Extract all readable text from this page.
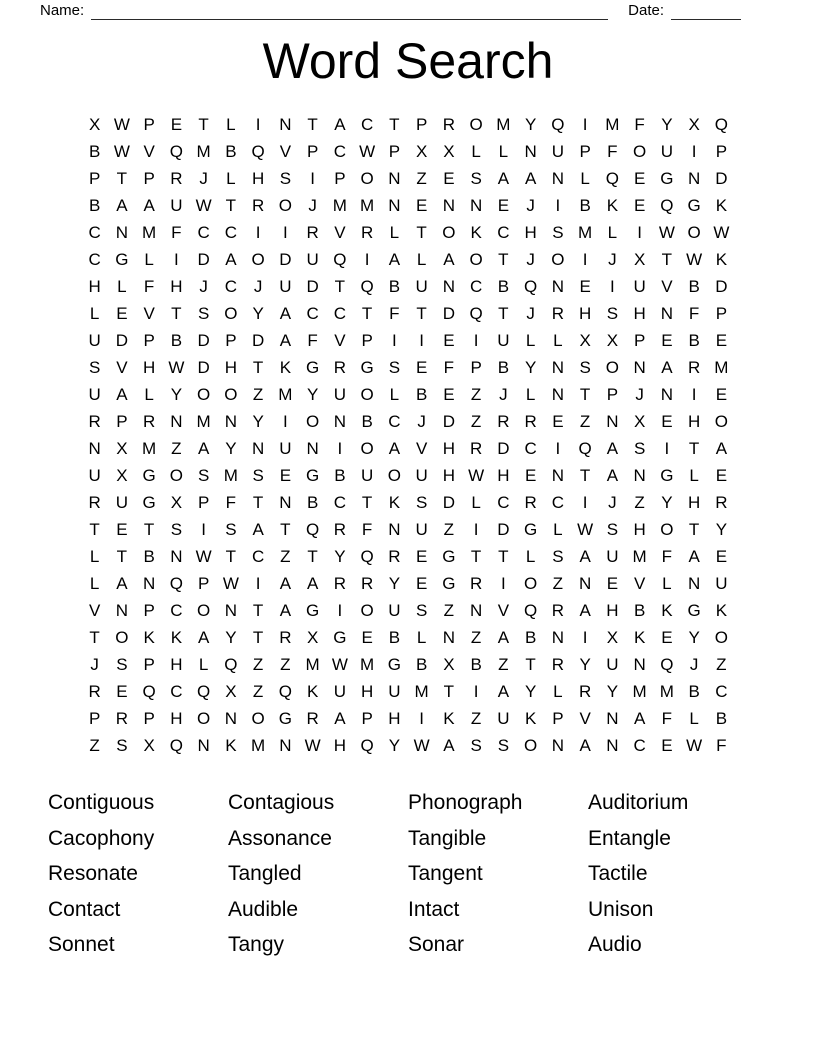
Name:	Date:
Word Search
X W P E T	L	I	N T A C T P R O M Y Q	I	M F Y X Q
B W V Q M B Q V P C W P X X L	L N U P F O U	I	P
P T P R J	L H S	I	P O N Z E S A A N L Q E G N D
B A A U W T R O J M M N E N N E	J	I	B K E Q G K
C N M F C C	I	I	R V R L	T O K C H S M L	I W O W
C G L	I	D A O D U Q	I	A L A O T	J O	I	J	X T W K
H L	F H J C J U D T Q B U N C B Q N E	I	U V B D
L E V T S O Y A C C T F T D Q T	J R H S H N F P
U D P B D P D A F V P	I	I	E	I	U L	L X X P E B E
S V H W D H T K G R G S E F P B Y N S O N A R M
U A L Y O O Z M Y U O L B E Z	J	L N T P	J N	I	E
R P R N M N Y	I	O N B C J D Z R R E Z N X E H O
N X M Z A Y N U N	I	O A V H R D C	I	Q A S	I	T A
U X G O S M S E G B U O U H W H E N T A N G L E
R U G X P F T N B C T K S D L C R C	I	J	Z Y H R
T E T S	I	S A T Q R F N U Z	I	D G L W S H O T Y
L	T B N W T C Z T Y Q R E G T T	L S A U M F A E
L A N Q P W I	A A R R Y E G R	I	O Z N E V L N U
V N P C O N T A G	I	O U S Z N V Q R A H B K G K
T O K K A Y T R X G E B L N Z A B N	I	X K E Y O
J	S P H L Q Z Z M W M G B X B Z T R Y U N Q J	Z
R E Q C Q X Z Q K U H U M T	I	A Y L R Y M M B C
P R P H O N O G R A P H	I	K Z U K P V N A F	L B
Z S X Q N K M N W H Q Y W A S S O N A N C E W F
Contiguous
Cacophony
Resonate
Contact
Sonnet
Contagious
Assonance
Tangled
Audible
Tangy
Phonograph
Tangible
Tangent
Intact
Sonar
Auditorium
Entangle
Tactile
Unison
Audio
